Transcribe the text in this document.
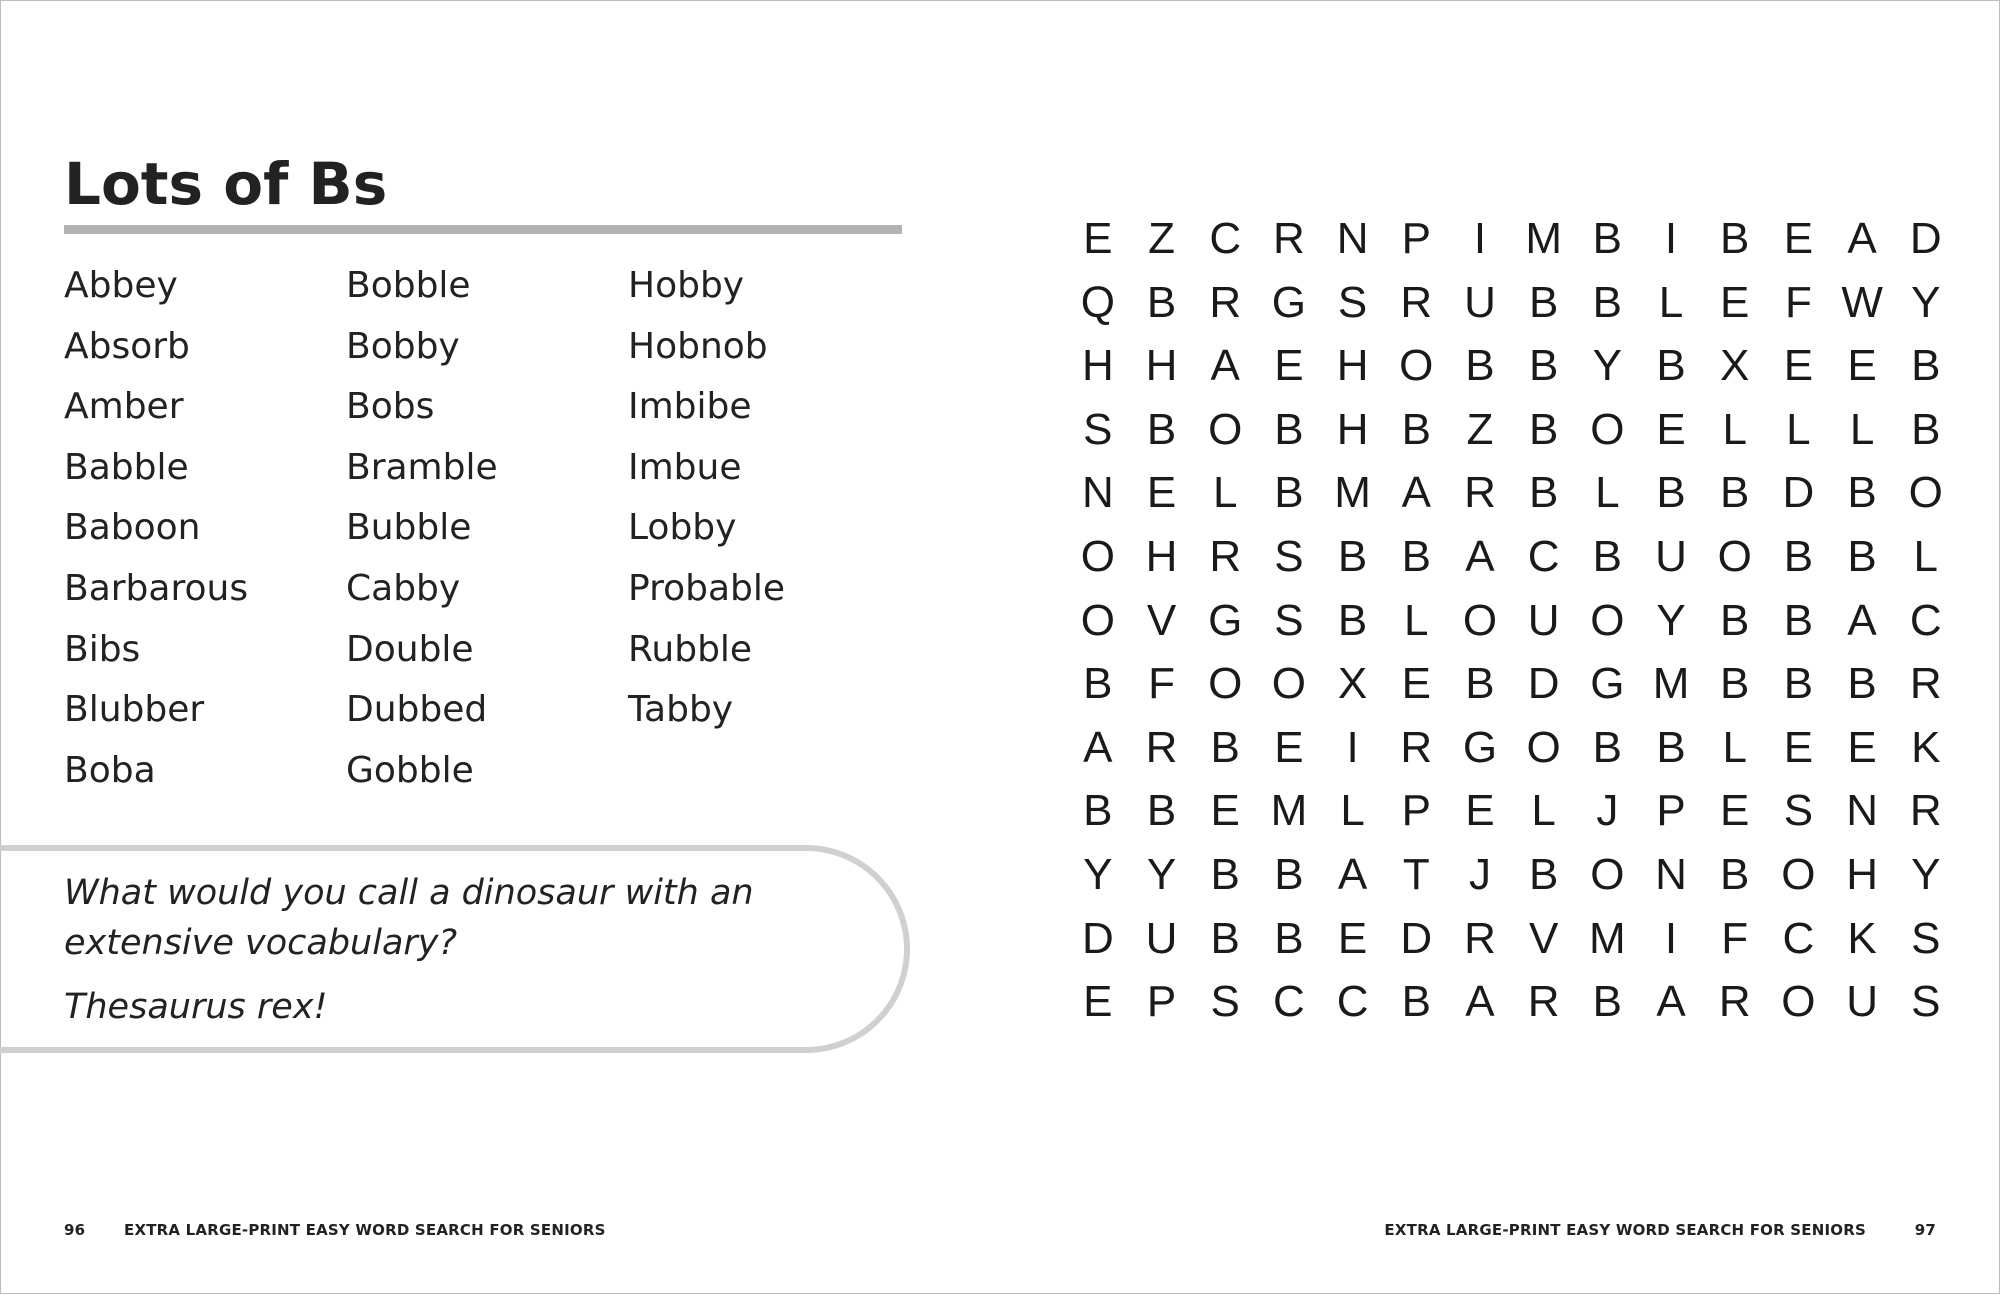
Lots of Bs
Abbey
Absorb
Amber
Babble
Baboon
Barbarous
Bibs
Blubber
Boba
Bobble
Bobby
Bobs
Bramble
Bubble
Cabby
Double
Dubbed
Gobble
Hobby
Hobnob
Imbibe
Imbue
Lobby
Probable
Rubble
Tabby
What would you call a dinosaur with an extensive vocabulary?
Thesaurus rex!
E Z C R N P I M B I B E A D
Q B R G S R U B B L E F W Y
H H A E H O B B Y B X E E B
S B O B H B Z B O E L L L B
N E L B M A R B L B B D B O
O H R S B B A C B U O B B L
O V G S B L O U O Y B B A C
B F O O X E B D G M B B B R
A R B E I R G O B B L E E K
B B E M L P E L J P E S N R
Y Y B B A T J B O N B O H Y
D U B B E D R V M I	F C K S
E P S C C B A R B A R O U S
96	EXTRA LARGE-PRINT EASY WORD SEARCH FOR SENIORS	EXTRA LARGE-PRINT EASY WORD SEARCH FOR SENIORS	97
